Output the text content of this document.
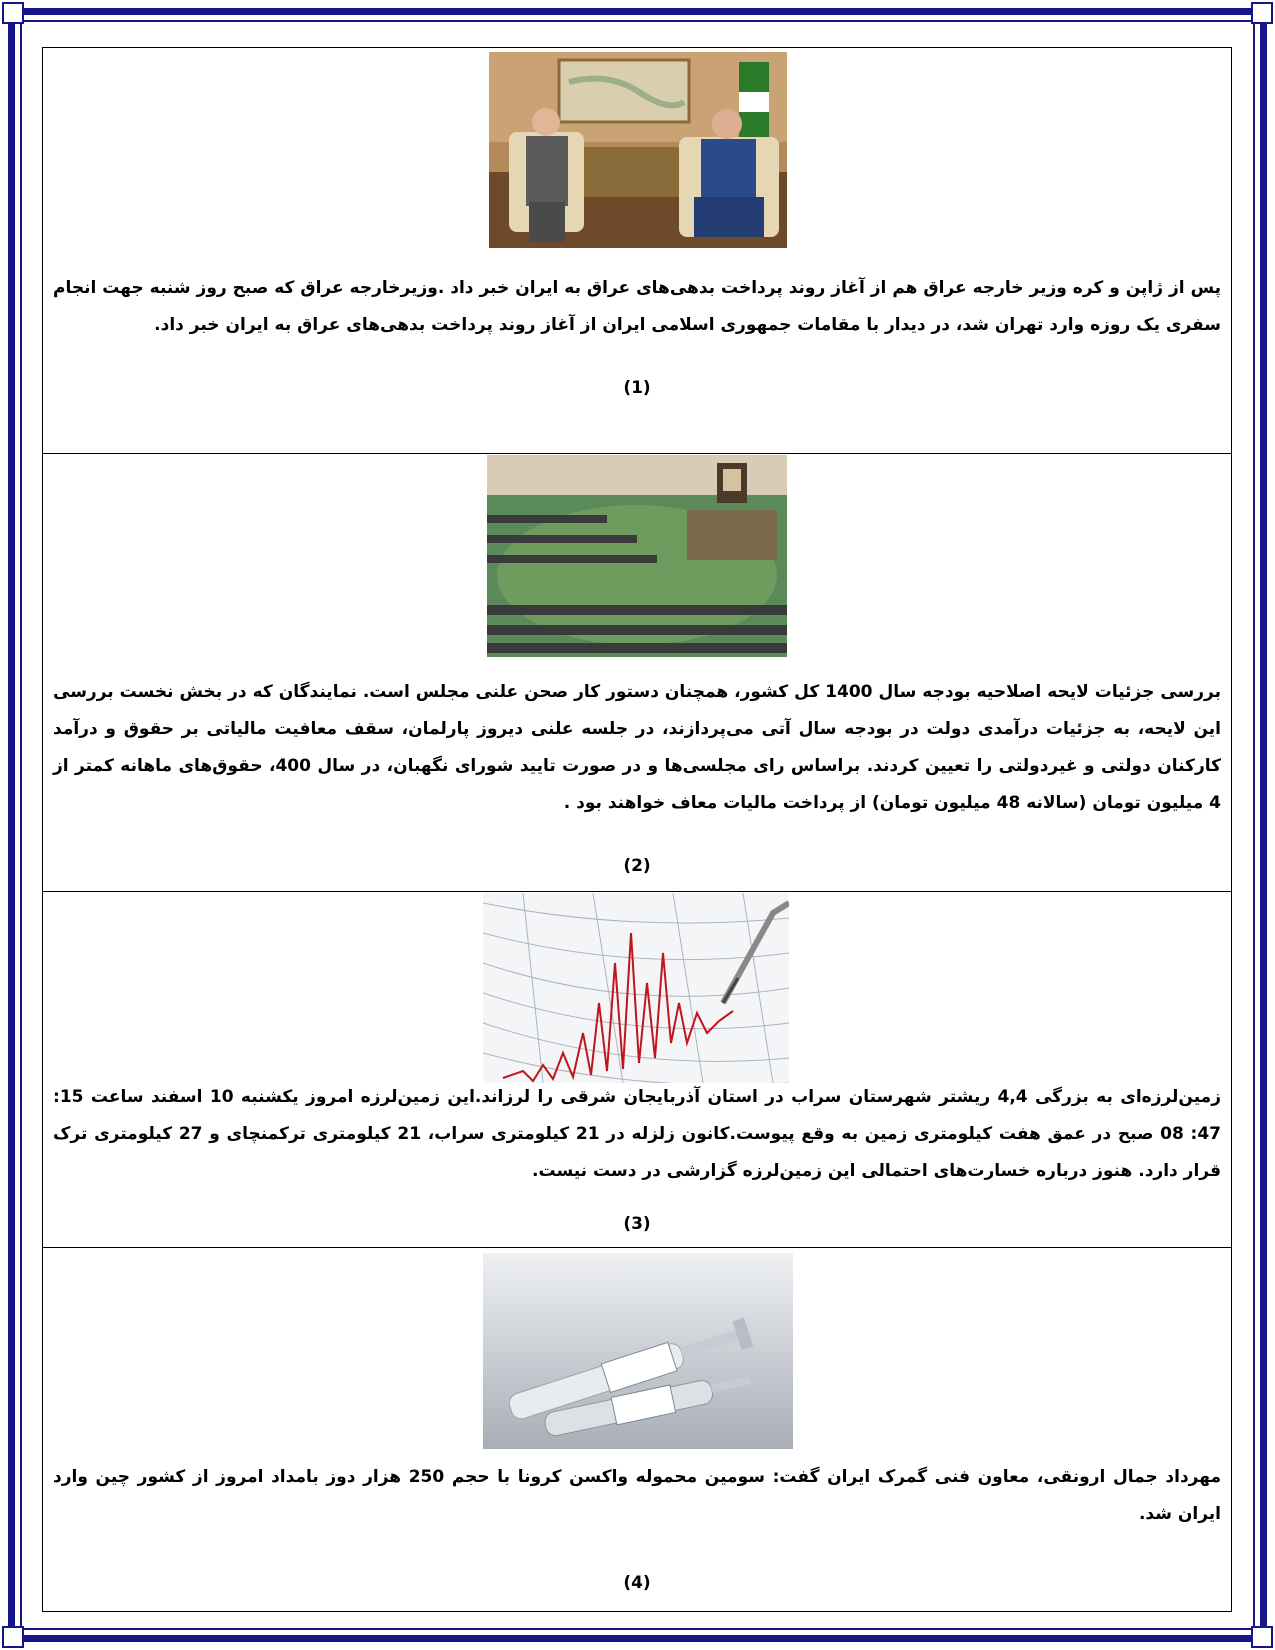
پس از ژاپن و کره وزیر خارجه عراق هم از آغاز روند پرداخت بدهی‌های عراق به ایران خبر داد .وزیرخارجه عراق که صبح روز شنبه جهت انجام سفری یک روزه وارد تهران شد، در دیدار با مقامات جمهوری اسلامی ایران از آغاز روند پرداخت بدهی‌های عراق به ایران خبر داد.
(1)
بررسی جزئیات لایحه اصلاحیه بودجه سال 1400 کل کشور، همچنان دستور کار صحن علنی مجلس است. نمایندگان که در بخش نخست بررسی این لایحه، به جزئیات درآمدی دولت در بودجه سال آتی می‌پردازند، در جلسه علنی دیروز پارلمان، سقف معافیت مالیاتی بر حقوق و درآمد کارکنان دولتی و غیردولتی را تعیین کردند. براساس رای مجلسی‌ها و در صورت تایید شورای نگهبان، در سال 400، حقوق‌های ماهانه کمتر از 4 میلیون تومان (سالانه 48 میلیون تومان) از پرداخت مالیات معاف خواهند بود .
(2)
زمین‌لرزه‌ای به بزرگی 4,4 ریشتر شهرستان سراب در استان آذربایجان شرقی را لرزاند.این زمین‌لرزه امروز یکشنبه 10 اسفند ساعت 15: 47: 08 صبح در عمق هفت کیلومتری زمین به وقع پیوست.کانون زلزله در 21 کیلومتری سراب، 21 کیلومتری ترکمنچای و 27 کیلومتری ترک قرار دارد. هنوز درباره خسارت‌های احتمالی این زمین‌لرزه گزارشی در دست نیست.
(3)
مهرداد جمال ارونقی، معاون فنی گمرک ایران گفت: سومین محموله واکسن کرونا با حجم 250 هزار دوز بامداد امروز از کشور چین وارد ایران شد.
(4)
